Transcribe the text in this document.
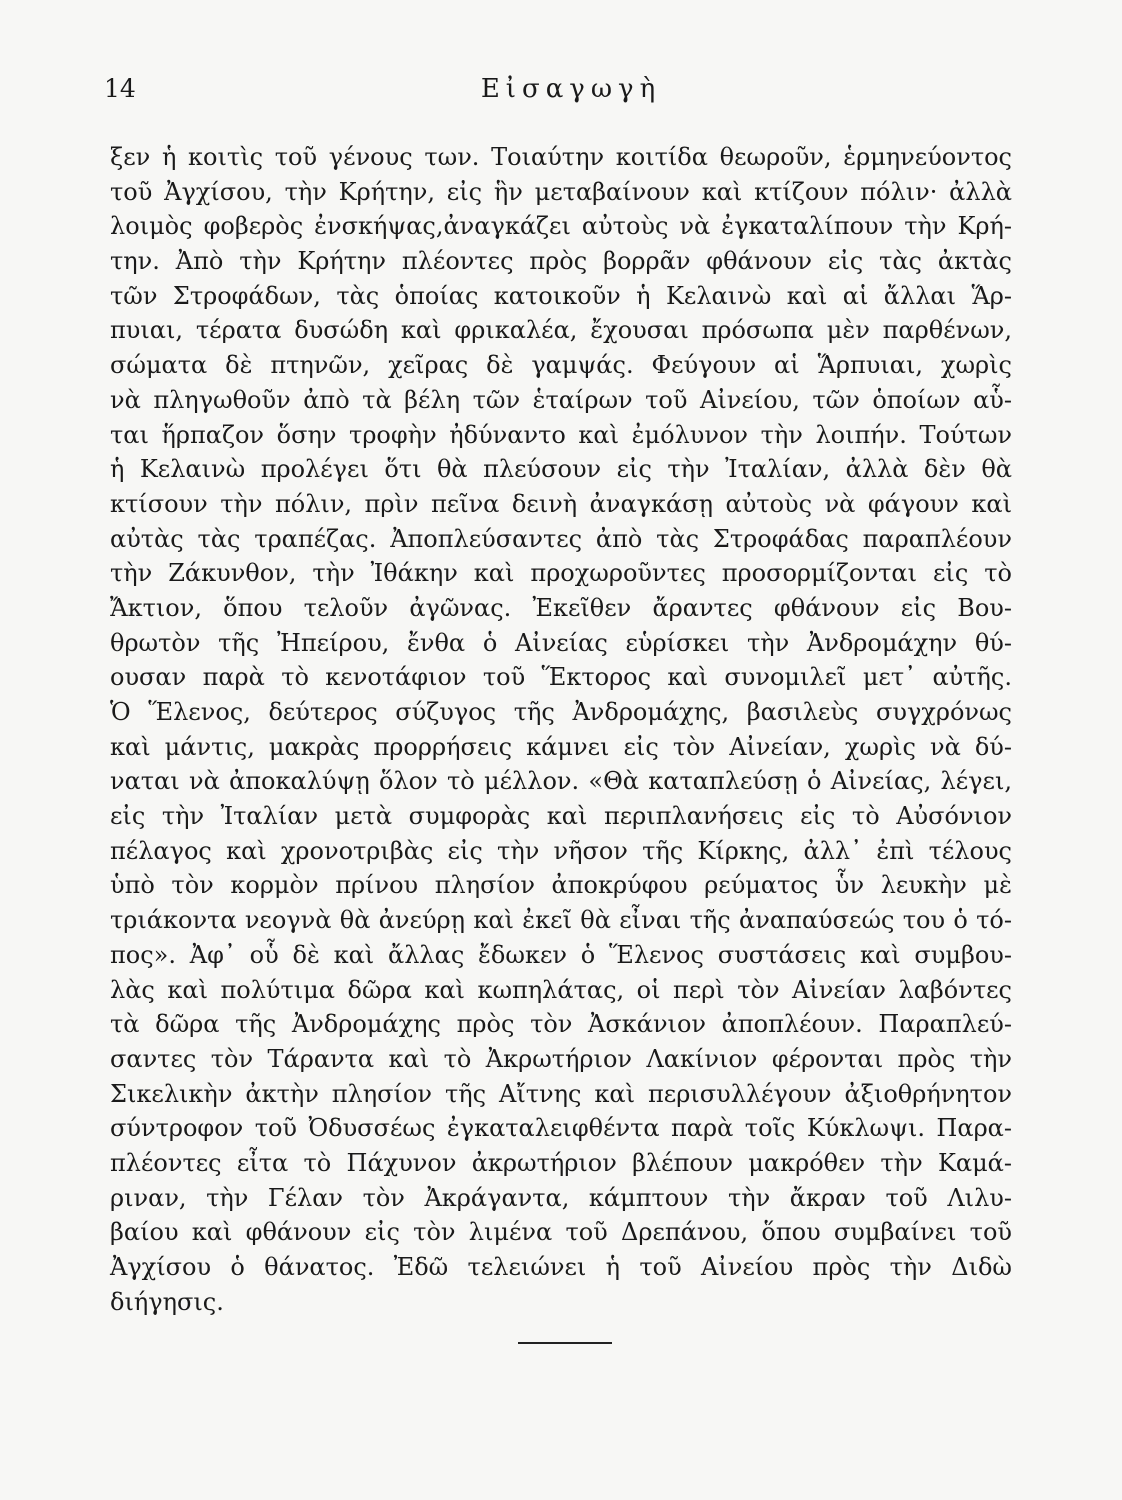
14	Εἰσαγωγὴ
ξεν ἡ κοιτὶς τοῦ γένους των. Τοιαύτην κοιτίδα θεωροῦν, ἑρμηνεύοντος
τοῦ Ἀγχίσου, τὴν Κρήτην, εἰς ἣν μεταβαίνουν καὶ κτίζουν πόλιν· ἀλλὰ
λοιμὸς φοβερὸς ἐνσκήψας,ἀναγκάζει αὐτοὺς νὰ ἐγκαταλίπουν τὴν Κρή-
την. Ἀπὸ τὴν Κρήτην πλέοντες πρὸς βορρᾶν φθάνουν εἰς τὰς ἀκτὰς
τῶν Στροφάδων, τὰς ὁποίας κατοικοῦν ἡ Κελαινὼ καὶ αἱ ἄλλαι Ἅρ-
πυιαι, τέρατα δυσώδη καὶ φρικαλέα, ἔχουσαι πρόσωπα μὲν παρθένων,
σώματα δὲ πτηνῶν, χεῖρας δὲ γαμψάς. Φεύγουν αἱ Ἅρπυιαι, χωρὶς
νὰ πληγωθοῦν ἀπὸ τὰ βέλη τῶν ἑταίρων τοῦ Αἰνείου, τῶν ὁποίων αὗ-
ται ἥρπαζον ὅσην τροφὴν ἠδύναντο καὶ ἐμόλυνον τὴν λοιπήν. Τούτων
ἡ Κελαινὼ προλέγει ὅτι θὰ πλεύσουν εἰς τὴν Ἰταλίαν, ἀλλὰ δὲν θὰ
κτίσουν τὴν πόλιν, πρὶν πεῖνα δεινὴ ἀναγκάσῃ αὐτοὺς νὰ φάγουν καὶ
αὐτὰς τὰς τραπέζας. Ἀποπλεύσαντες ἀπὸ τὰς Στροφάδας παραπλέουν
τὴν Ζάκυνθον, τὴν Ἰθάκην καὶ προχωροῦντες προσορμίζονται εἰς τὸ
Ἄκτιον, ὅπου τελοῦν ἀγῶνας. Ἐκεῖθεν ἄραντες φθάνουν εἰς Βου-
θρωτὸν τῆς Ἠπείρου, ἔνθα ὁ Αἰνείας εὑρίσκει τὴν Ἀνδρομάχην θύ-
ουσαν παρὰ τὸ κενοτάφιον τοῦ Ἕκτορος καὶ συνομιλεῖ μετ᾽ αὐτῆς.
Ὁ Ἕλενος, δεύτερος σύζυγος τῆς Ἀνδρομάχης, βασιλεὺς συγχρόνως
καὶ μάντις, μακρὰς προρρήσεις κάμνει εἰς τὸν Αἰνείαν, χωρὶς νὰ δύ-
ναται νὰ ἀποκαλύψῃ ὅλον τὸ μέλλον. «Θὰ καταπλεύσῃ ὁ Αἰνείας, λέγει,
εἰς τὴν Ἰταλίαν μετὰ συμφορὰς καὶ περιπλανήσεις εἰς τὸ Αὐσόνιον
πέλαγος καὶ χρονοτριβὰς εἰς τὴν νῆσον τῆς Κίρκης, ἀλλ᾽ ἐπὶ τέλους
ὑπὸ τὸν κορμὸν πρίνου πλησίον ἀποκρύφου ρεύματος ὗν λευκὴν μὲ
τριάκοντα νεογνὰ θὰ ἀνεύρῃ καὶ ἐκεῖ θὰ εἶναι τῆς ἀναπαύσεώς του ὁ τό-
πος». Ἀφ᾽ οὗ δὲ καὶ ἄλλας ἔδωκεν ὁ Ἕλενος συστάσεις καὶ συμβου-
λὰς καὶ πολύτιμα δῶρα καὶ κωπηλάτας, οἱ περὶ τὸν Αἰνείαν λαβόντες
τὰ δῶρα τῆς Ἀνδρομάχης πρὸς τὸν Ἀσκάνιον ἀποπλέουν. Παραπλεύ-
σαντες τὸν Τάραντα καὶ τὸ Ἀκρωτήριον Λακίνιον φέρονται πρὸς τὴν
Σικελικὴν ἀκτὴν πλησίον τῆς Αἴτνης καὶ περισυλλέγουν ἀξιοθρήνητον
σύντροφον τοῦ Ὀδυσσέως ἐγκαταλειφθέντα παρὰ τοῖς Κύκλωψι. Παρα-
πλέοντες εἶτα τὸ Πάχυνον ἀκρωτήριον βλέπουν μακρόθεν τὴν Καμά-
ριναν, τὴν Γέλαν τὸν Ἀκράγαντα, κάμπτουν τὴν ἄκραν τοῦ Λιλυ-
βαίου καὶ φθάνουν εἰς τὸν λιμένα τοῦ Δρεπάνου, ὅπου συμβαίνει τοῦ
Ἀγχίσου ὁ θάνατος. Ἐδῶ τελειώνει ἡ τοῦ Αἰνείου πρὸς τὴν Διδὼ
διήγησις.
